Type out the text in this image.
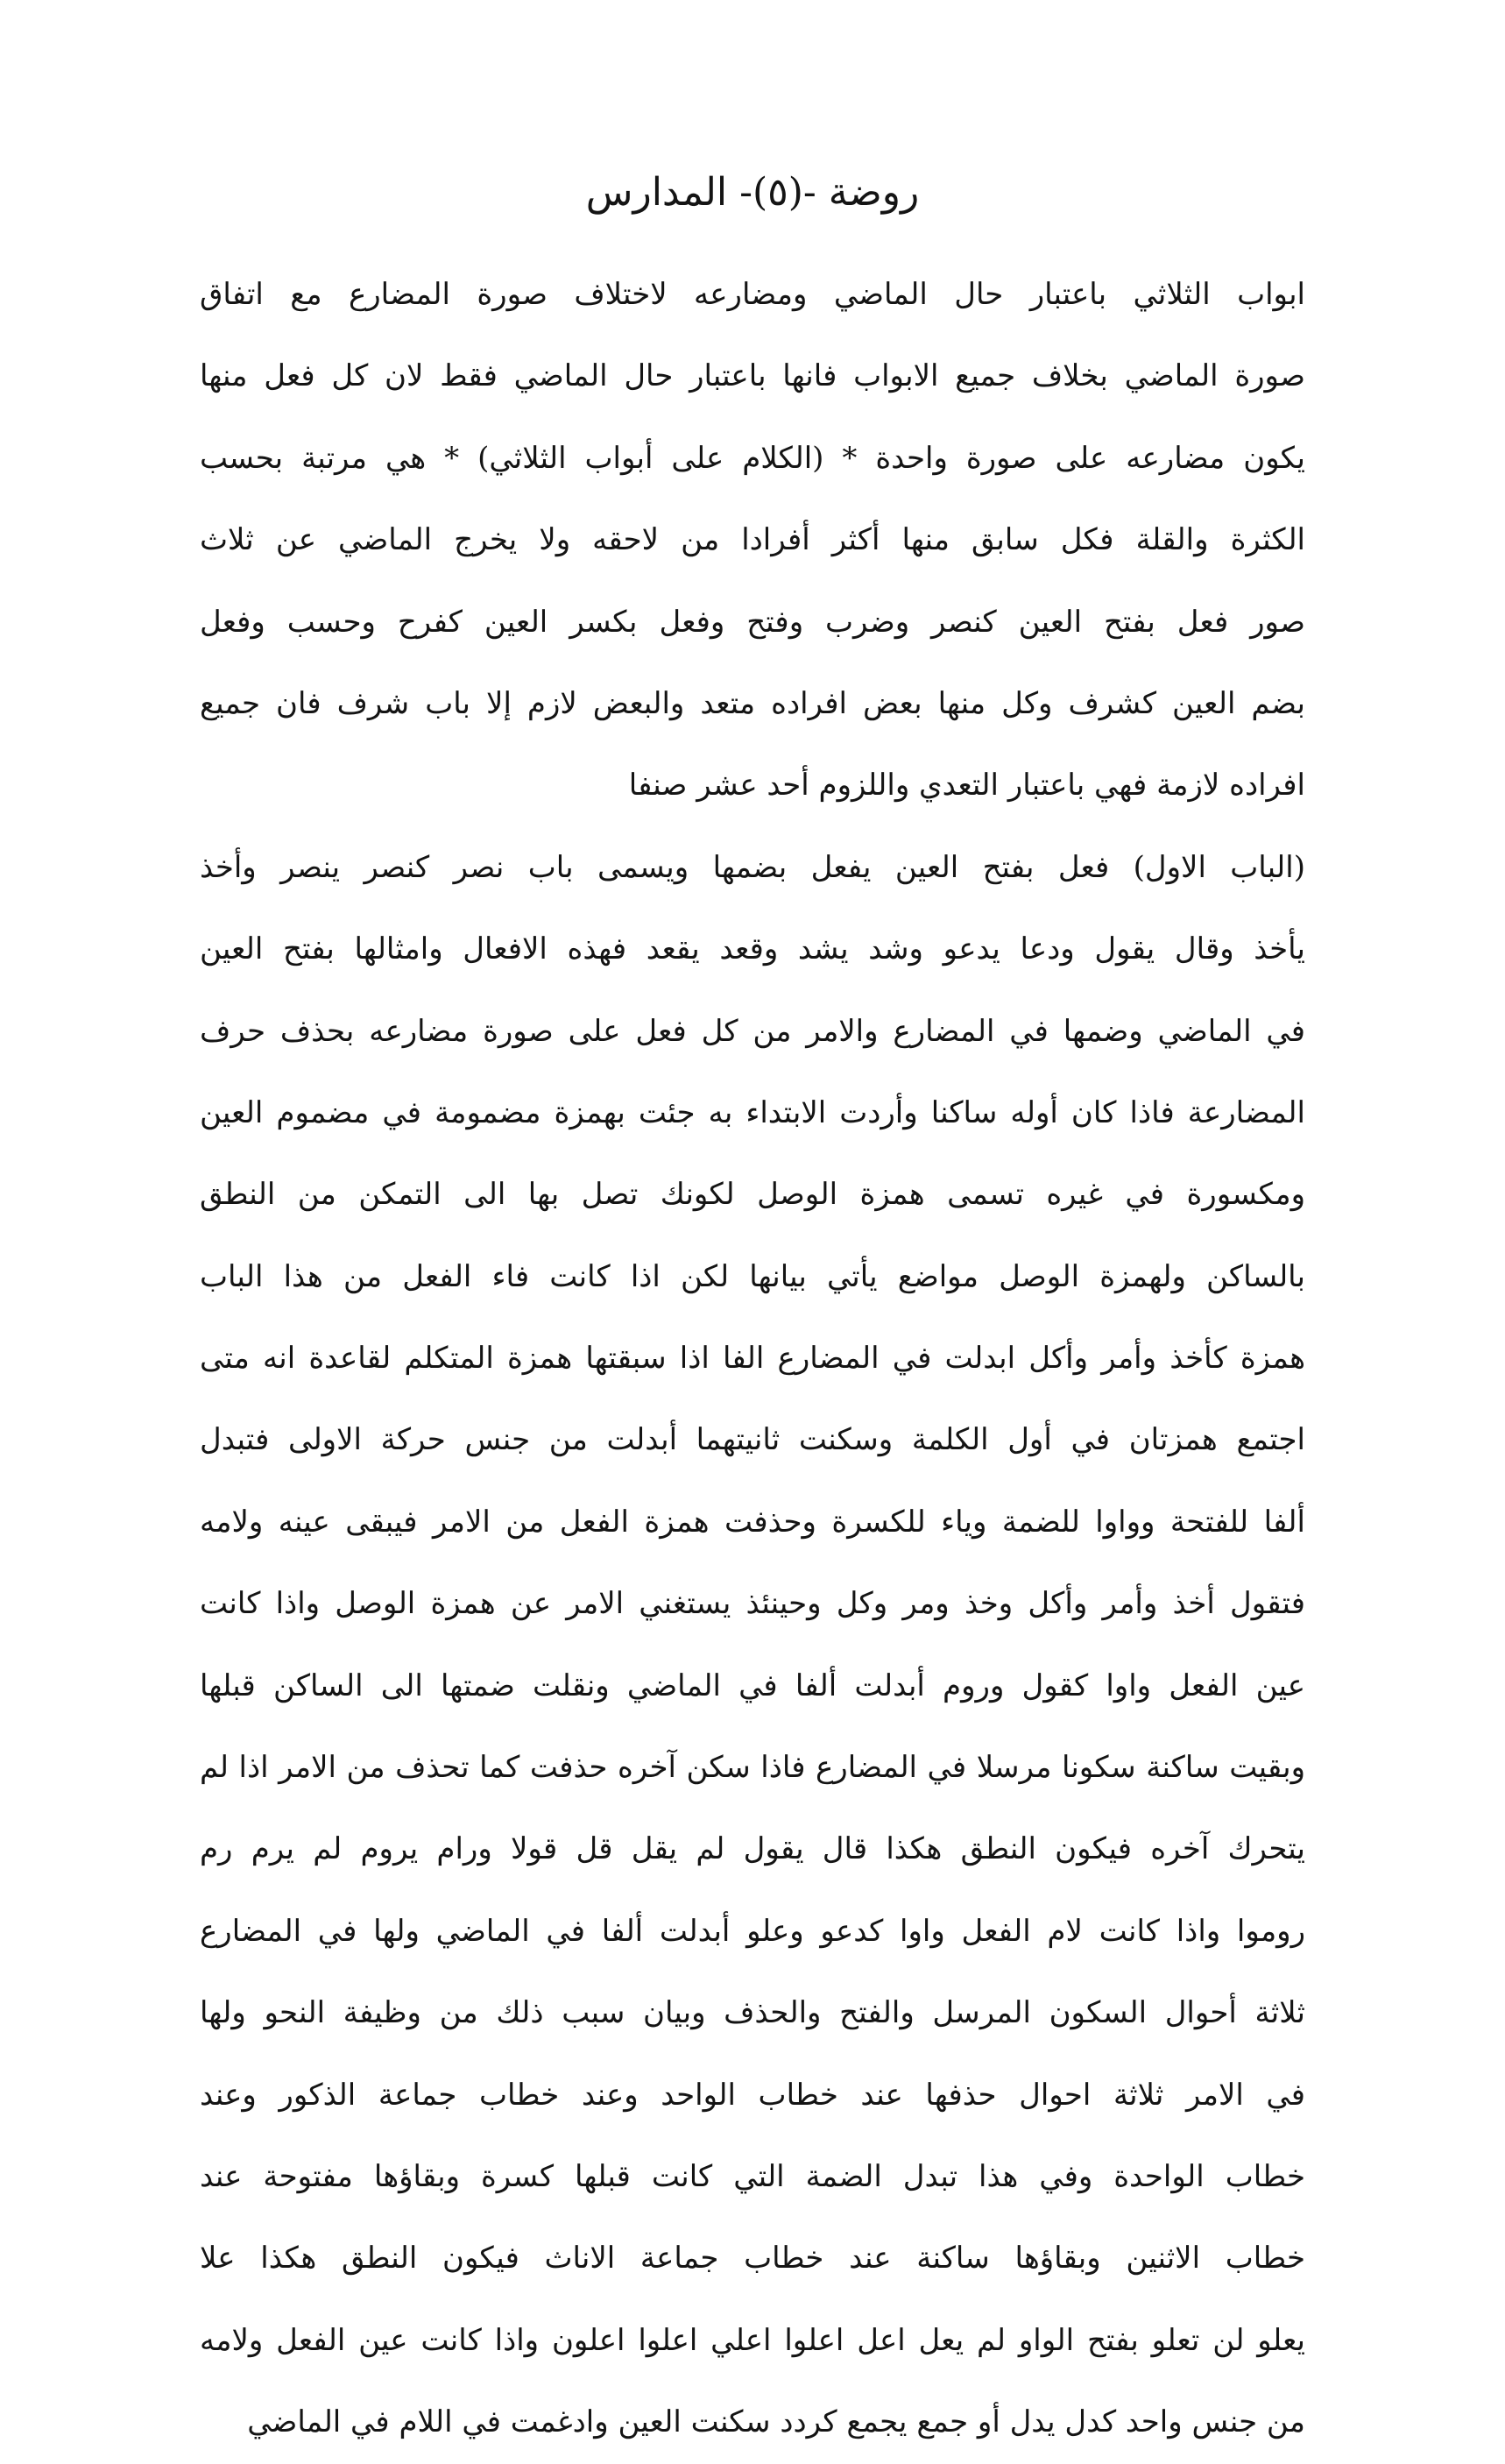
روضة -(٥)- المدارس
ابواب الثلاثي باعتبار حال الماضي ومضارعه لاختلاف صورة المضارع مع اتفاق
صورة الماضي بخلاف جميع الابواب فانها باعتبار حال الماضي فقط لان كل فعل منها
يكون مضارعه على صورة واحدة * (الكلام على أبواب الثلاثي) * هي مرتبة بحسب
الكثرة والقلة فكل سابق منها أكثر أفرادا من لاحقه ولا يخرج الماضي عن ثلاث
صور فعل بفتح العين كنصر وضرب وفتح وفعل بكسر العين كفرح وحسب وفعل
بضم العين كشرف وكل منها بعض افراده متعد والبعض لازم إلا باب شرف فان جميع
افراده لازمة فهي باعتبار التعدي واللزوم أحد عشر صنفا
(الباب الاول) فعل بفتح العين يفعل بضمها ويسمى باب نصر كنصر ينصر وأخذ
يأخذ وقال يقول ودعا يدعو وشد يشد وقعد يقعد فهذه الافعال وامثالها بفتح العين
في الماضي وضمها في المضارع والامر من كل فعل على صورة مضارعه بحذف حرف
المضارعة فاذا كان أوله ساكنا وأردت الابتداء به جئت بهمزة مضمومة في مضموم العين
ومكسورة في غيره تسمى همزة الوصل لكونك تصل بها الى التمكن من النطق
بالساكن ولهمزة الوصل مواضع يأتي بيانها لكن اذا كانت فاء الفعل من هذا الباب
همزة كأخذ وأمر وأكل ابدلت في المضارع الفا اذا سبقتها همزة المتكلم لقاعدة انه متى
اجتمع همزتان في أول الكلمة وسكنت ثانيتهما أبدلت من جنس حركة الاولى فتبدل
ألفا للفتحة وواوا للضمة وياء للكسرة وحذفت همزة الفعل من الامر فيبقى عينه ولامه
فتقول أخذ وأمر وأكل وخذ ومر وكل وحينئذ يستغني الامر عن همزة الوصل واذا كانت
عين الفعل واوا كقول وروم أبدلت ألفا في الماضي ونقلت ضمتها الى الساكن قبلها
وبقيت ساكنة سكونا مرسلا في المضارع فاذا سكن آخره حذفت كما تحذف من الامر اذا لم
يتحرك آخره فيكون النطق هكذا قال يقول لم يقل قل قولا ورام يروم لم يرم رم
روموا واذا كانت لام الفعل واوا كدعو وعلو أبدلت ألفا في الماضي ولها في المضارع
ثلاثة أحوال السكون المرسل والفتح والحذف وبيان سبب ذلك من وظيفة النحو ولها
في الامر ثلاثة احوال حذفها عند خطاب الواحد وعند خطاب جماعة الذكور وعند
خطاب الواحدة وفي هذا تبدل الضمة التي كانت قبلها كسرة وبقاؤها مفتوحة عند
خطاب الاثنين وبقاؤها ساكنة عند خطاب جماعة الاناث فيكون النطق هكذا علا
يعلو لن تعلو بفتح الواو لم يعل اعل اعلوا اعلي اعلوا اعلون واذا كانت عين الفعل ولامه
من جنس واحد كدل يدل أو جمع يجمع كردد سكنت العين وادغمت في اللام في الماضي
